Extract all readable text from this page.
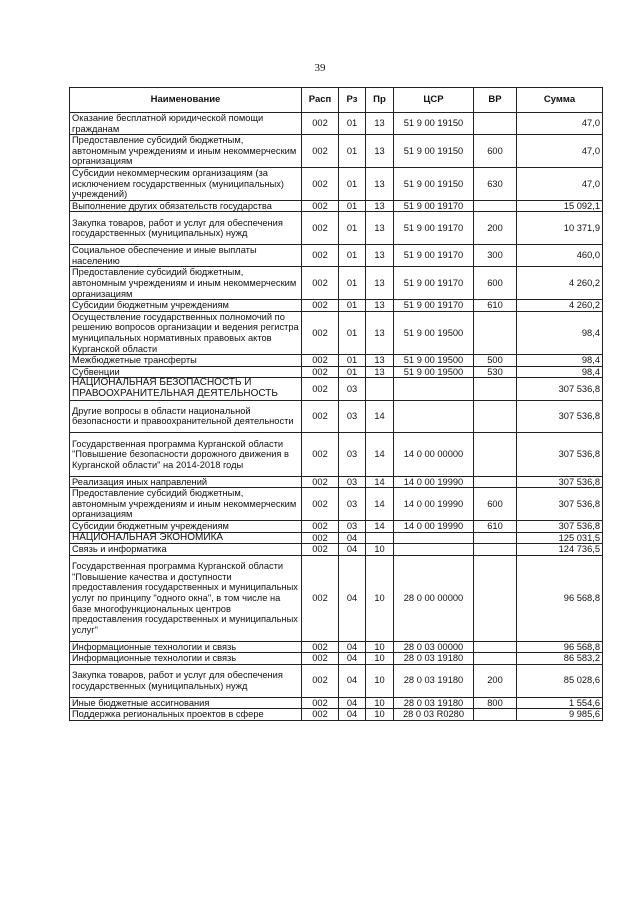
39
Наименование	Расп	Рз	Пр	ЦСР	ВР	Сумма
Оказание бесплатной юридической помощи гражданам	002	01	13	51 9 00 19150		47,0
Предоставление субсидий бюджетным, автономным учреждениям и иным некоммерческим организациям	002	01	13	51 9 00 19150	600	47,0
Субсидии некоммерческим организациям (за исключением государственных (муниципальных) учреждений)	002	01	13	51 9 00 19150	630	47,0
Выполнение других обязательств государства	002	01	13	51 9 00 19170		15 092,1
Закупка товаров, работ и услуг для обеспечения государственных (муниципальных) нужд	002	01	13	51 9 00 19170	200	10 371,9
Социальное обеспечение и иные выплаты населению	002	01	13	51 9 00 19170	300	460,0
Предоставление субсидий бюджетным, автономным учреждениям и иным некоммерческим организациям	002	01	13	51 9 00 19170	600	4 260,2
Субсидии бюджетным учреждениям	002	01	13	51 9 00 19170	610	4 260,2
Осуществление государственных полномочий по решению вопросов организации и ведения регистра муниципальных нормативных правовых актов Курганской области	002	01	13	51 9 00 19500		98,4
Межбюджетные трансферты	002	01	13	51 9 00 19500	500	98,4
Субвенции	002	01	13	51 9 00 19500	530	98,4
НАЦИОНАЛЬНАЯ БЕЗОПАСНОСТЬ И ПРАВООХРАНИТЕЛЬНАЯ ДЕЯТЕЛЬНОСТЬ	002	03				307 536,8
Другие вопросы в области национальной безопасности и правоохранительной деятельности	002	03	14			307 536,8
Государственная программа Курганской области "Повышение безопасности дорожного движения в Курганской области" на 2014-2018 годы	002	03	14	14 0 00 00000		307 536,8
Реализация иных направлений	002	03	14	14 0 00 19990		307 536,8
Предоставление субсидий бюджетным, автономным учреждениям и иным некоммерческим организациям	002	03	14	14 0 00 19990	600	307 536,8
Субсидии бюджетным учреждениям	002	03	14	14 0 00 19990	610	307 536,8
НАЦИОНАЛЬНАЯ ЭКОНОМИКА	002	04				125 031,5
Связь и информатика	002	04	10			124 736,5
Государственная программа Курганской области "Повышение качества и доступности предоставления государственных и муниципальных услуг по принципу "одного окна", в том числе на базе многофункциональных центров предоставления государственных и муниципальных услуг"	002	04	10	28 0 00 00000		96 568,8
Информационные технологии и связь	002	04	10	28 0 03 00000		96 568,8
Информационные технологии и связь	002	04	10	28 0 03 19180		86 583,2
Закупка товаров, работ и услуг для обеспечения государственных (муниципальных) нужд	002	04	10	28 0 03 19180	200	85 028,6
Иные бюджетные ассигнования	002	04	10	28 0 03 19180	800	1 554,6
Поддержка региональных проектов в сфере	002	04	10	28 0 03 R0280		9 985,6
